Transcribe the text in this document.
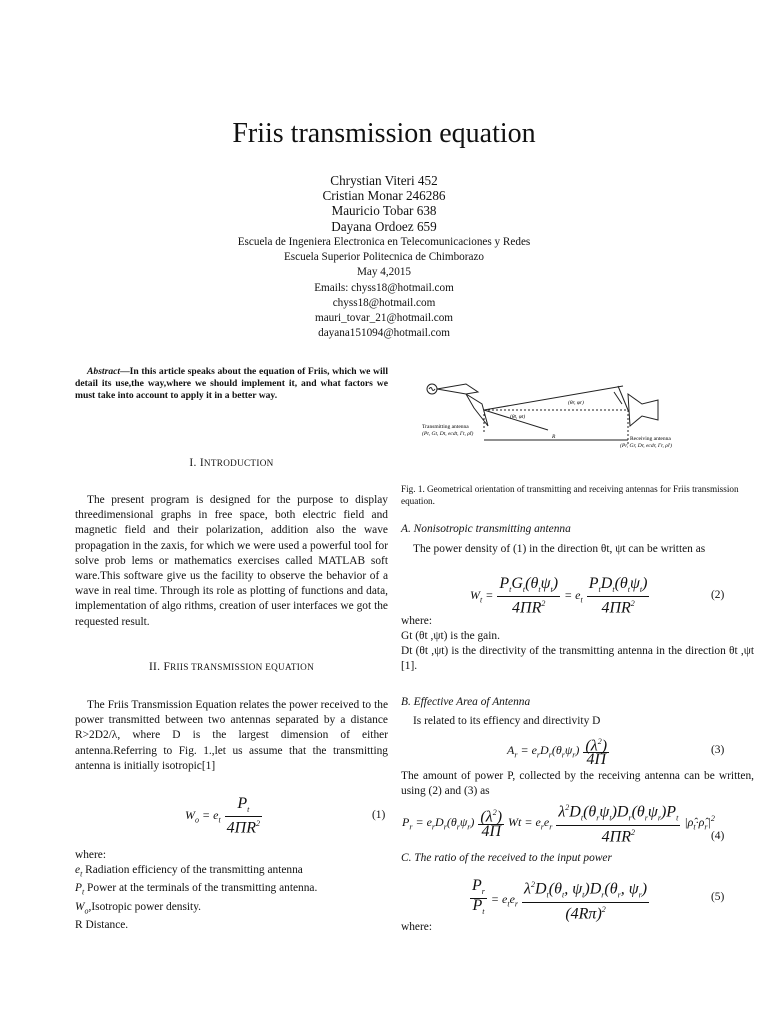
Friis transmission equation
Chrystian Viteri 452
Cristian Monar 246286
Mauricio Tobar 638
Dayana Ordoez 659
Escuela de Ingeniera Electronica en Telecomunicaciones y Redes
Escuela Superior Politecnica de Chimborazo
May 4,2015
Emails: chyss18@hotmail.com
chyss18@hotmail.com
mauri_tovar_21@hotmail.com
dayana151094@hotmail.com
Abstract—In this article speaks about the equation of Friis, which we will detail its use,the way,where we should implement it, and what factors we must take into account to apply it in a better way.
I. INTRODUCTION
The present program is designed for the purpose to display threedimensional graphs in free space, both electric field and magnetic field and their polarization, addition also the wave propagation in the zaxis, for which we were used a powerful tool for solve prob lems or mathematics exercises called MATLAB soft ware.This software give us the facility to observe the behavior of a wave in real time. Through its role as plotting of functions and data, implementation of algo rithms, creation of user interfaces we got the requested result.
II. FRIIS TRANSMISSION EQUATION
The Friis Transmission Equation relates the power received to the power transmitted between two antennas separated by a distance R>2D2/λ, where D is the largest dimension of either antenna.Referring to Fig. 1.,let us assume that the transmitting antenna is initially isotropic[1]
$W_o = e_t \frac{P_t}{4\Pi R^2}$	(1)
where:
$e_t$ Radiation efficiency of the transmitting antenna
$P_t$ Power at the terminals of the transmitting antenna.
$W_o,Isotropic$ power density.
R Distance.
Transmitting antenna
(Pt, Gt, Dt, ecdt, Γt, ρ̂t)
(θt, φt)
(θr, φr)
R	Receiving antenna
(Pr, Gr, Dr, ecdr, Γr, ρ̂r)
Fig. 1. Geometrical orientation of transmitting and receiving antennas for Friis transmission equation.
A. Nonisotropic transmitting antenna
The power density of (1) in the direction θt, ψt can be written as
$W_t = \frac{P_tG_t(\theta_t\psi_t)}{4\Pi R^2} = e_t \frac{P_tD_t(\theta_t\psi_t)}{4\Pi R^2}$	(2)
where:
Gt (θt ,ψt) is the gain.
Dt (θt ,ψt) is the directivity of the transmitting antenna in the direction θt ,ψt [1].
B. Effective Area of Antenna
Is related to its effiency and directivity D
$A_r = e_rD_r(\theta_r\psi_r) \frac{(\lambda^2)}{4\Pi}$	(3)
The amount of power P, collected by the receiving antenna can be written, using (2) and (3) as
$P_r = e_rD_r(\theta_r\psi_r) \frac{(\lambda^2)}{4\Pi}$ $Wt = e_re_r \frac{\lambda^2D_t(\theta_r\psi_t)D_r(\theta_r\psi_r)P_t}{4\Pi R^2}$ $|\rhô_t\cdot\rhô_r|^2$
(4)
C. The ratio of the received to the input power
$\frac{P_r}{P_t} = e_te_r \frac{\lambda^2D_t(\theta_t, \psi_t)D_r(\theta_r, \psi_r)}{(4R\pi)^2}$	(5)
where:
